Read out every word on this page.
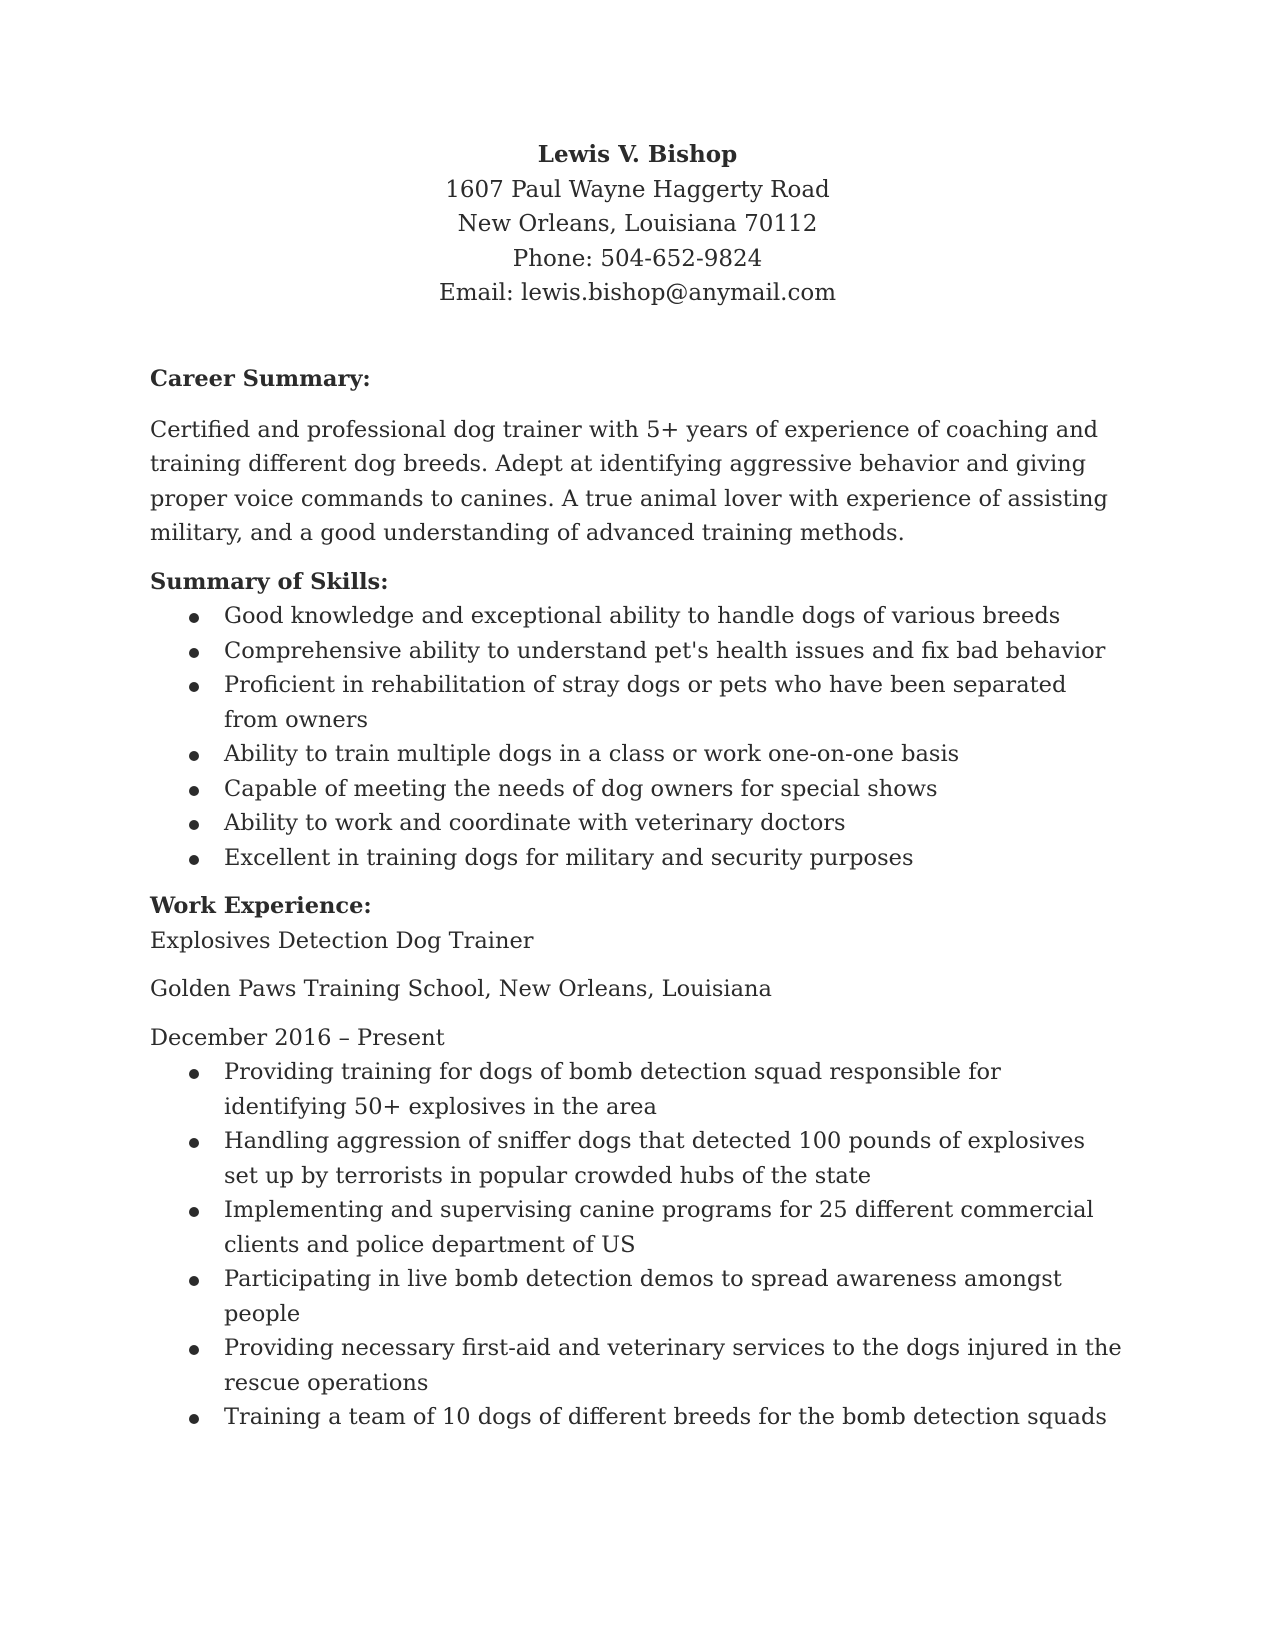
Lewis V. Bishop
1607 Paul Wayne Haggerty Road
New Orleans, Louisiana 70112
Phone: 504-652-9824
Email: lewis.bishop@anymail.com

Career Summary:

Certified and professional dog trainer with 5+ years of experience of coaching and training different dog breeds. Adept at identifying aggressive behavior and giving proper voice commands to canines. A true animal lover with experience of assisting military, and a good understanding of advanced training methods.

Summary of Skills:

Good knowledge and exceptional ability to handle dogs of various breeds
Comprehensive ability to understand pet's health issues and fix bad behavior
Proficient in rehabilitation of stray dogs or pets who have been separated from owners
Ability to train multiple dogs in a class or work one-on-one basis
Capable of meeting the needs of dog owners for special shows
Ability to work and coordinate with veterinary doctors
Excellent in training dogs for military and security purposes

Work Experience:

Explosives Detection Dog Trainer

Golden Paws Training School, New Orleans, Louisiana

December 2016 – Present

Providing training for dogs of bomb detection squad responsible for identifying 50+ explosives in the area
Handling aggression of sniffer dogs that detected 100 pounds of explosives set up by terrorists in popular crowded hubs of the state
Implementing and supervising canine programs for 25 different commercial clients and police department of US
Participating in live bomb detection demos to spread awareness amongst people
Providing necessary first-aid and veterinary services to the dogs injured in the rescue operations
Training a team of 10 dogs of different breeds for the bomb detection squads
